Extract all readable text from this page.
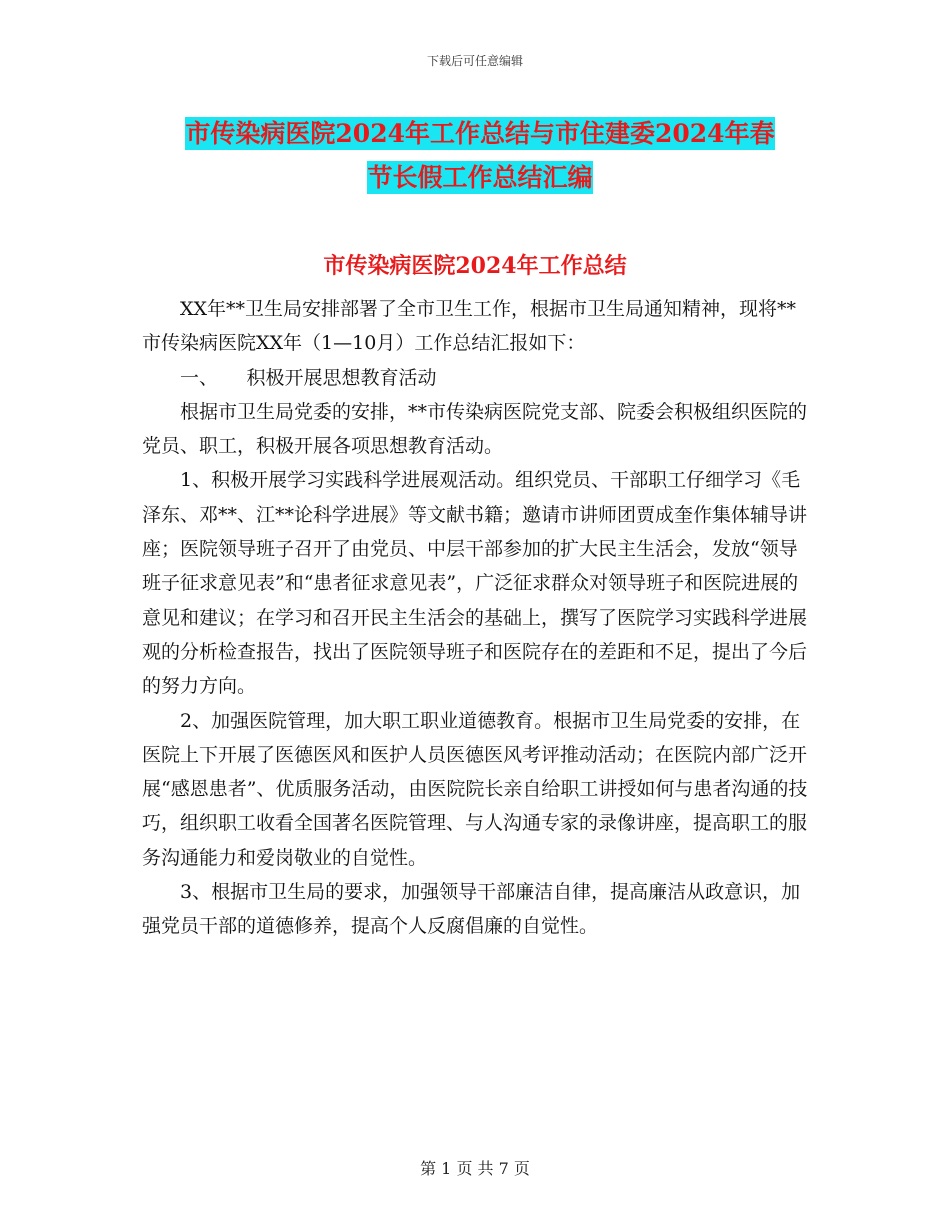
下载后可任意编辑
市传染病医院2024年工作总结与市住建委2024年春
节长假工作总结汇编
市传染病医院2024年工作总结

XX年**卫生局安排部署了全市卫生工作，根据市卫生局通知精神，现将**市传染病医院XX年（1—10月）工作总结汇报如下：

一、　　积极开展思想教育活动

根据市卫生局党委的安排，**市传染病医院党支部、院委会积极组织医院的党员、职工，积极开展各项思想教育活动。

1、积极开展学习实践科学进展观活动。组织党员、干部职工仔细学习《毛泽东、邓**、江**论科学进展》等文献书籍；邀请市讲师团贾成奎作集体辅导讲座；医院领导班子召开了由党员、中层干部参加的扩大民主生活会，发放“领导班子征求意见表”和“患者征求意见表”，广泛征求群众对领导班子和医院进展的意见和建议；在学习和召开民主生活会的基础上，撰写了医院学习实践科学进展观的分析检查报告，找出了医院领导班子和医院存在的差距和不足，提出了今后的努力方向。

2、加强医院管理，加大职工职业道德教育。根据市卫生局党委的安排，在医院上下开展了医德医风和医护人员医德医风考评推动活动；在医院内部广泛开展“感恩患者”、优质服务活动，由医院院长亲自给职工讲授如何与患者沟通的技巧，组织职工收看全国著名医院管理、与人沟通专家的录像讲座，提高职工的服务沟通能力和爱岗敬业的自觉性。

3、根据市卫生局的要求，加强领导干部廉洁自律，提高廉洁从政意识，加强党员干部的道德修养，提高个人反腐倡廉的自觉性。

第 1 页 共 7 页
